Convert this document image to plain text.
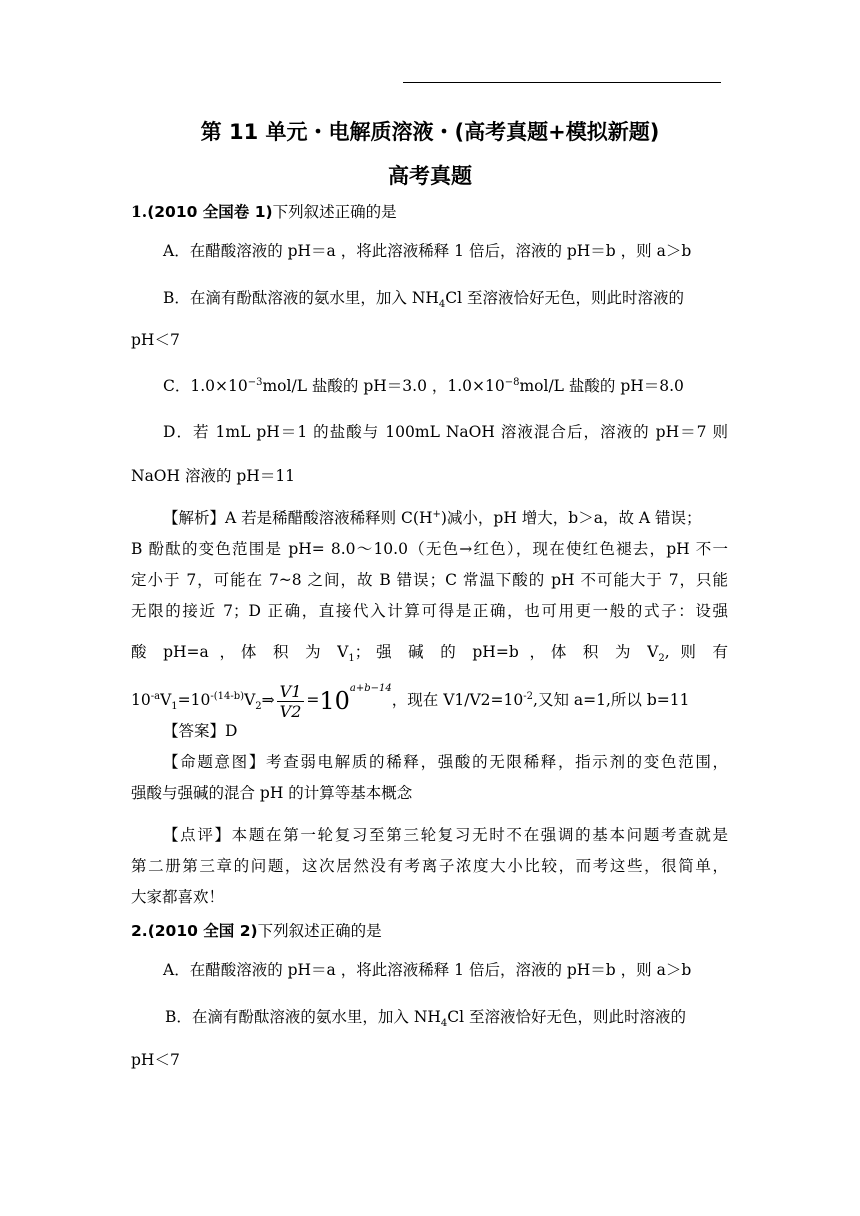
第 11 单元・电解质溶液・(高考真题+模拟新题)
高考真题
1.(2010 全国卷 1)下列叙述正确的是
A．在醋酸溶液的 pH＝a ，将此溶液稀释 1 倍后，溶液的 pH＝b ，则 a＞b
B．在滴有酚酞溶液的氨水里，加入 $NH_4Cl$ 至溶液恰好无色，则此时溶液的
pH＜7
C．$1.0\times 10^{-3}mol/L$ 盐酸的 pH＝3.0 ，$1.0\times 10^{-8}mol/L$ 盐酸的 pH＝8.0
D．若 1mL pH＝1 的盐酸与 100mL NaOH 溶液混合后，溶液的 pH＝7 则
NaOH 溶液的 pH＝11
【解析】A 若是稀醋酸溶液稀释则 C(H+)减小，pH 增大，b＞a，故 A 错误；
B 酚酞的变色范围是 pH= 8.0～10.0（无色→红色），现在使红色褪去，pH 不一
定小于 7，可能在 7~8 之间，故 B 错误；C 常温下酸的 pH 不可能大于 7，只能
无限的接近 7；D 正确，直接代入计算可得是正确，也可用更一般的式子：设强
酸 pH=a ，体 积 为 $V_1$；强 碱 的 pH=b ，体 积 为 $V_2$, 则 有
$10^{-a}V_1=10^{-(14-b)}V_2\Rightarrow \frac{V1}{V2} =10^{a+b-14}$，现在 $V1/V2=10^{-2}$,又知 a=1,所以 b=11
【答案】D
【命题意图】考查弱电解质的稀释，强酸的无限稀释，指示剂的变色范围，
强酸与强碱的混合 pH 的计算等基本概念
【点评】本题在第一轮复习至第三轮复习无时不在强调的基本问题考查就是
第二册第三章的问题，这次居然没有考离子浓度大小比较，而考这些，很简单，
大家都喜欢！
2.(2010 全国 2)下列叙述正确的是
A．在醋酸溶液的 pH＝a ，将此溶液稀释 1 倍后，溶液的 pH＝b ，则 a＞b
B．在滴有酚酞溶液的氨水里，加入 $NH_4Cl$ 至溶液恰好无色，则此时溶液的
pH＜7
